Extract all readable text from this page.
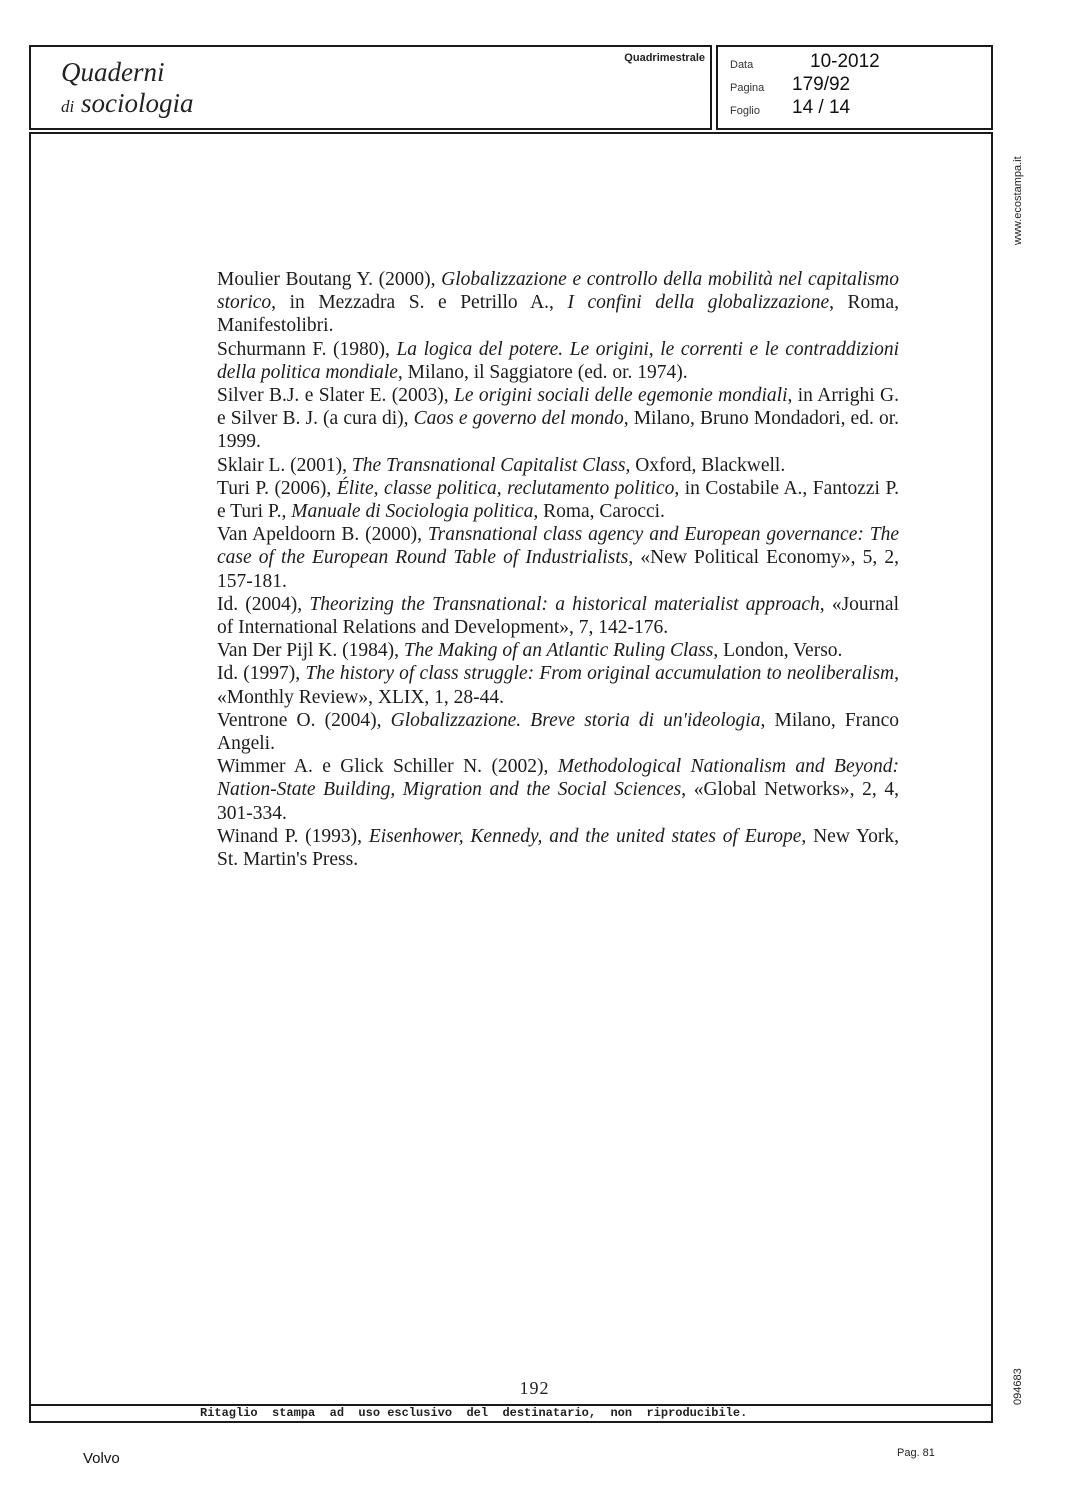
Quaderni
di sociologia
Quadrimestrale
Data	10-2012
Pagina 179/92
Foglio 14 / 14
www.ecostampa.it
094683

Moulier Boutang Y. (2000), Globalizzazione e controllo della mobilità nel capitalismo storico, in Mezzadra S. e Petrillo A., I confini della globalizzazione, Roma, Manifestolibri.

Schurmann F. (1980), La logica del potere. Le origini, le correnti e le contraddizioni della politica mondiale, Milano, il Saggiatore (ed. or. 1974).

Silver B.J. e Slater E. (2003), Le origini sociali delle egemonie mondiali, in Arrighi G. e Silver B. J. (a cura di), Caos e governo del mondo, Milano, Bruno Mondadori, ed. or. 1999.

Sklair L. (2001), The Transnational Capitalist Class, Oxford, Blackwell.

Turi P. (2006), Élite, classe politica, reclutamento politico, in Costabile A., Fantozzi P. e Turi P., Manuale di Sociologia politica, Roma, Carocci.

Van Apeldoorn B. (2000), Transnational class agency and European governance: The case of the European Round Table of Industrialists, «New Political Economy», 5, 2, 157-181.

Id. (2004), Theorizing the Transnational: a historical materialist approach, «Journal of International Relations and Development», 7, 142-176.

Van Der Pijl K. (1984), The Making of an Atlantic Ruling Class, London, Verso.

Id. (1997), The history of class struggle: From original accumulation to neoliberalism, «Monthly Review», XLIX, 1, 28-44.

Ventrone O. (2004), Globalizzazione. Breve storia di un'ideologia, Milano, Franco Angeli.

Wimmer A. e Glick Schiller N. (2002), Methodological Nationalism and Beyond: Nation-State Building, Migration and the Social Sciences, «Global Networks», 2, 4, 301-334.

Winand P. (1993), Eisenhower, Kennedy, and the united states of Europe, New York, St. Martin's Press.

192
Ritaglio  stampa  ad  uso esclusivo  del  destinatario,  non  riproducibile.
Volvo	Pag. 81
